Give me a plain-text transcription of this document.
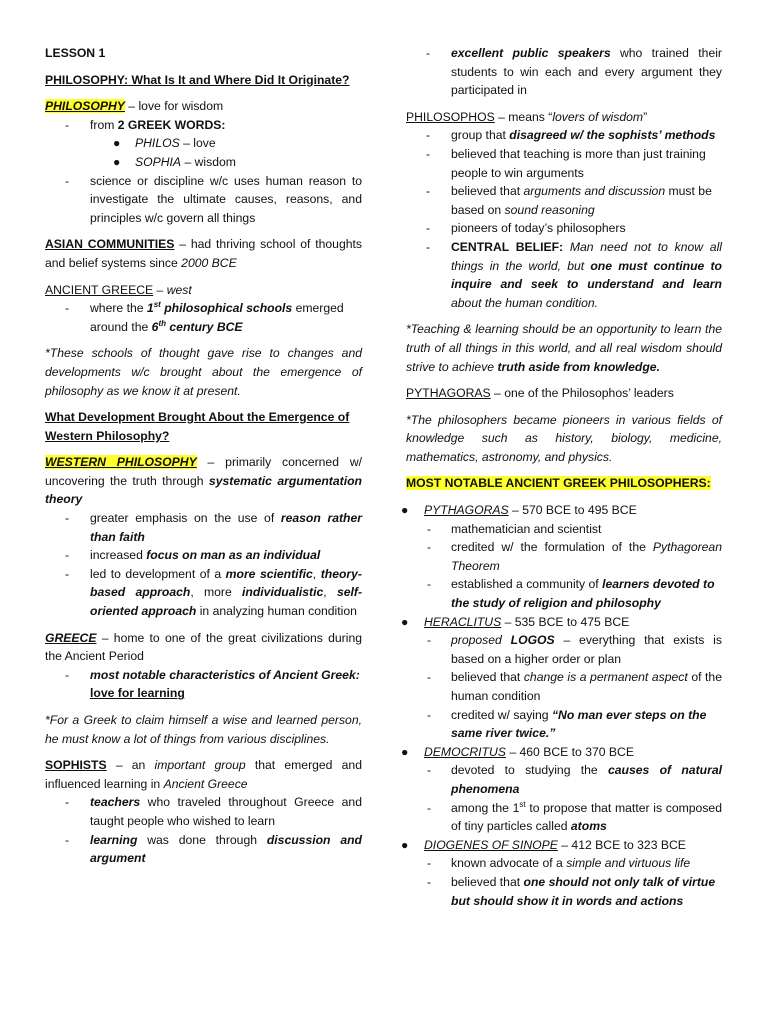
LESSON 1

PHILOSOPHY: What Is It and Where Did It Originate?

PHILOSOPHY – love for wisdom

- from 2 GREEK WORDS:
● PHILOS – love
● SOPHIA – wisdom
- science or discipline w/c uses human reason to investigate the ultimate causes, reasons, and principles w/c govern all things

ASIAN COMMUNITIES – had thriving school of thoughts and belief systems since 2000 BCE

ANCIENT GREECE – west

- where the 1st philosophical schools emerged around the 6th century BCE

*These schools of thought gave rise to changes and developments w/c brought about the emergence of philosophy as we know it at present.

What Development Brought About the Emergence of Western Philosophy?

WESTERN PHILOSOPHY – primarily concerned w/ uncovering the truth through systematic argumentation theory

- greater emphasis on the use of reason rather than faith
- increased focus on man as an individual
- led to development of a more scientific, theory-based approach, more individualistic, self-oriented approach in analyzing human condition

GREECE – home to one of the great civilizations during the Ancient Period

- most notable characteristics of Ancient Greek: love for learning

*For a Greek to claim himself a wise and learned person, he must know a lot of things from various disciplines.

SOPHISTS – an important group that emerged and influenced learning in Ancient Greece

- teachers who traveled throughout Greece and taught people who wished to learn
- learning was done through discussion and argument
- excellent public speakers who trained their students to win each and every argument they participated in

PHILOSOPHOS – means “lovers of wisdom”

- group that disagreed w/ the sophists’ methods
- believed that teaching is more than just training people to win arguments
- believed that arguments and discussion must be based on sound reasoning
- pioneers of today’s philosophers
- CENTRAL BELIEF: Man need not to know all things in the world, but one must continue to inquire and seek to understand and learn about the human condition.

*Teaching & learning should be an opportunity to learn the truth of all things in this world, and all real wisdom should strive to achieve truth aside from knowledge.

PYTHAGORAS – one of the Philosophos’ leaders

*The philosophers became pioneers in various fields of knowledge such as history, biology, medicine, mathematics, astronomy, and physics.

MOST NOTABLE ANCIENT GREEK PHILOSOPHERS:

● PYTHAGORAS – 570 BCE to 495 BCE
- mathematician and scientist
- credited w/ the formulation of the Pythagorean Theorem
- established a community of learners devoted to the study of religion and philosophy
● HERACLITUS – 535 BCE to 475 BCE
- proposed LOGOS – everything that exists is based on a higher order or plan
- believed that change is a permanent aspect of the human condition
- credited w/ saying “No man ever steps on the same river twice.”
● DEMOCRITUS – 460 BCE to 370 BCE
- devoted to studying the causes of natural phenomena
- among the 1st to propose that matter is composed of tiny particles called atoms
● DIOGENES OF SINOPE – 412 BCE to 323 BCE
- known advocate of a simple and virtuous life
- believed that one should not only talk of virtue but should show it in words and actions
